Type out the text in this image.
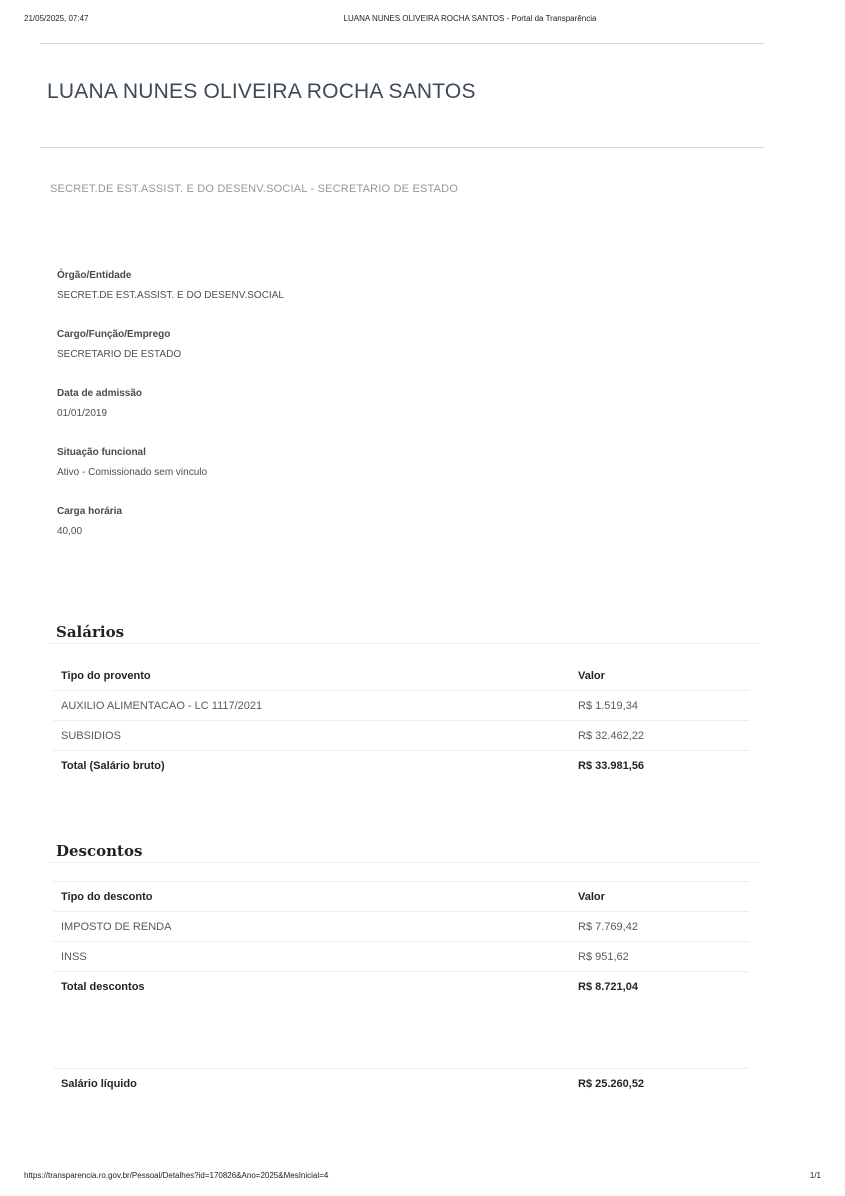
21/05/2025, 07:47	LUANA NUNES OLIVEIRA ROCHA SANTOS - Portal da Transparência
LUANA NUNES OLIVEIRA ROCHA SANTOS
SECRET.DE EST.ASSIST. E DO DESENV.SOCIAL - SECRETARIO DE ESTADO
Órgão/Entidade
SECRET.DE EST.ASSIST. E DO DESENV.SOCIAL
Cargo/Função/Emprego
SECRETARIO DE ESTADO
Data de admissão
01/01/2019
Situação funcional
Ativo - Comissionado sem vinculo
Carga horária
40,00
Salários
Tipo do provento	Valor
AUXILIO ALIMENTACAO - LC 1117/2021	R$ 1.519,34
SUBSIDIOS	R$ 32.462,22
Total (Salário bruto)	R$ 33.981,56
Descontos
Tipo do desconto	Valor
IMPOSTO DE RENDA	R$ 7.769,42
INSS	R$ 951,62
Total descontos	R$ 8.721,04
Salário líquido	R$ 25.260,52
https://transparencia.ro.gov.br/Pessoal/Detalhes?id=170826&Ano=2025&MesInicial=4	1/1
